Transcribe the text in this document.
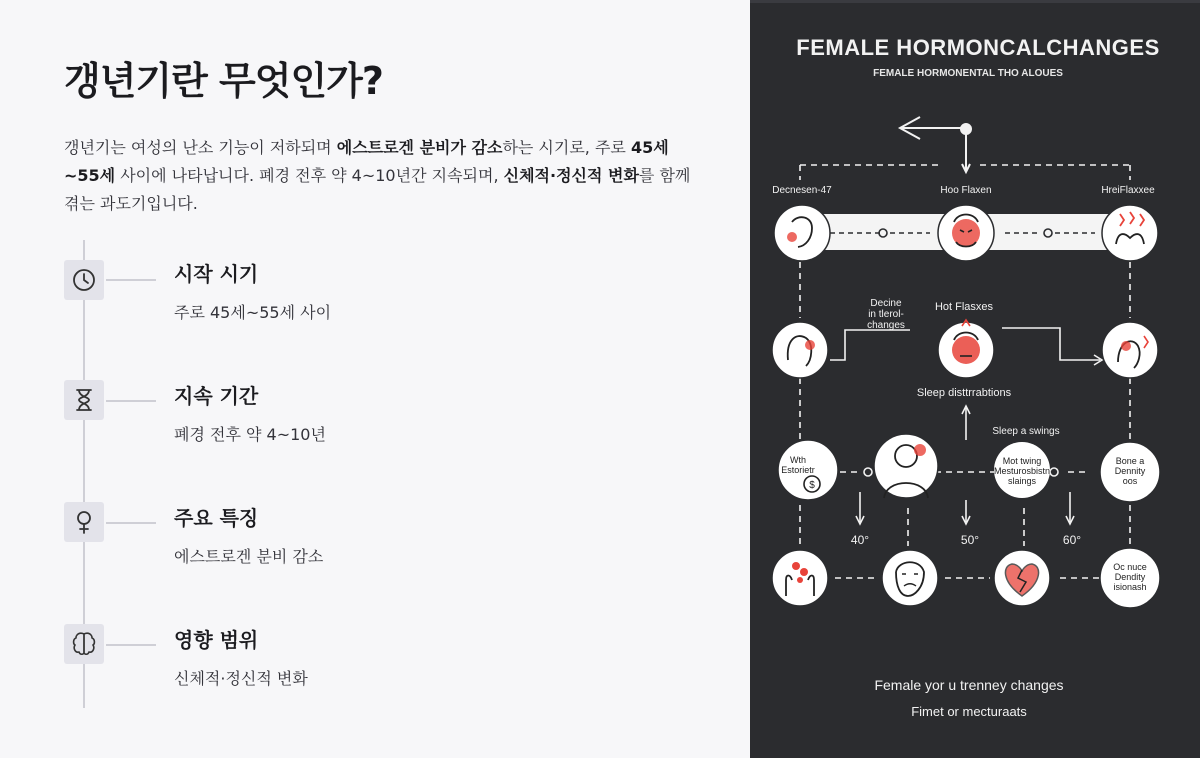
갱년기란 무엇인가?

갱년기는 여성의 난소 기능이 저하되며 에스트로겐 분비가 감소하는 시기로, 주로 45세~55세 사이에 나타납니다. 폐경 전후 약 4~10년간 지속되며, 신체적·정신적 변화를 함께 겪는 과도기입니다.

시작 시기

주로 45세~55세 사이

지속 기간

폐경 전후 약 4~10년

주요 특징

에스트로겐 분비 감소

영향 범위

신체적·정신적 변화

FEMALE HORMONCALCHANGES
FEMALE HORMONENTAL THO ALOUES
Decnesen-47	Hoo Flaxen	HreiFlaxxee
Decine in tlerol-changes
Hot Flasxes
Sleep disttrrabtions
Sleep a swings
$
Wth Estorietr
Mot twing Mesturosbistn slaings
Bone a Dennity oos
40°	50°	60°
Oc nuce Dendity isionash
Female yor u trenney changes
Fimet or mecturaats
